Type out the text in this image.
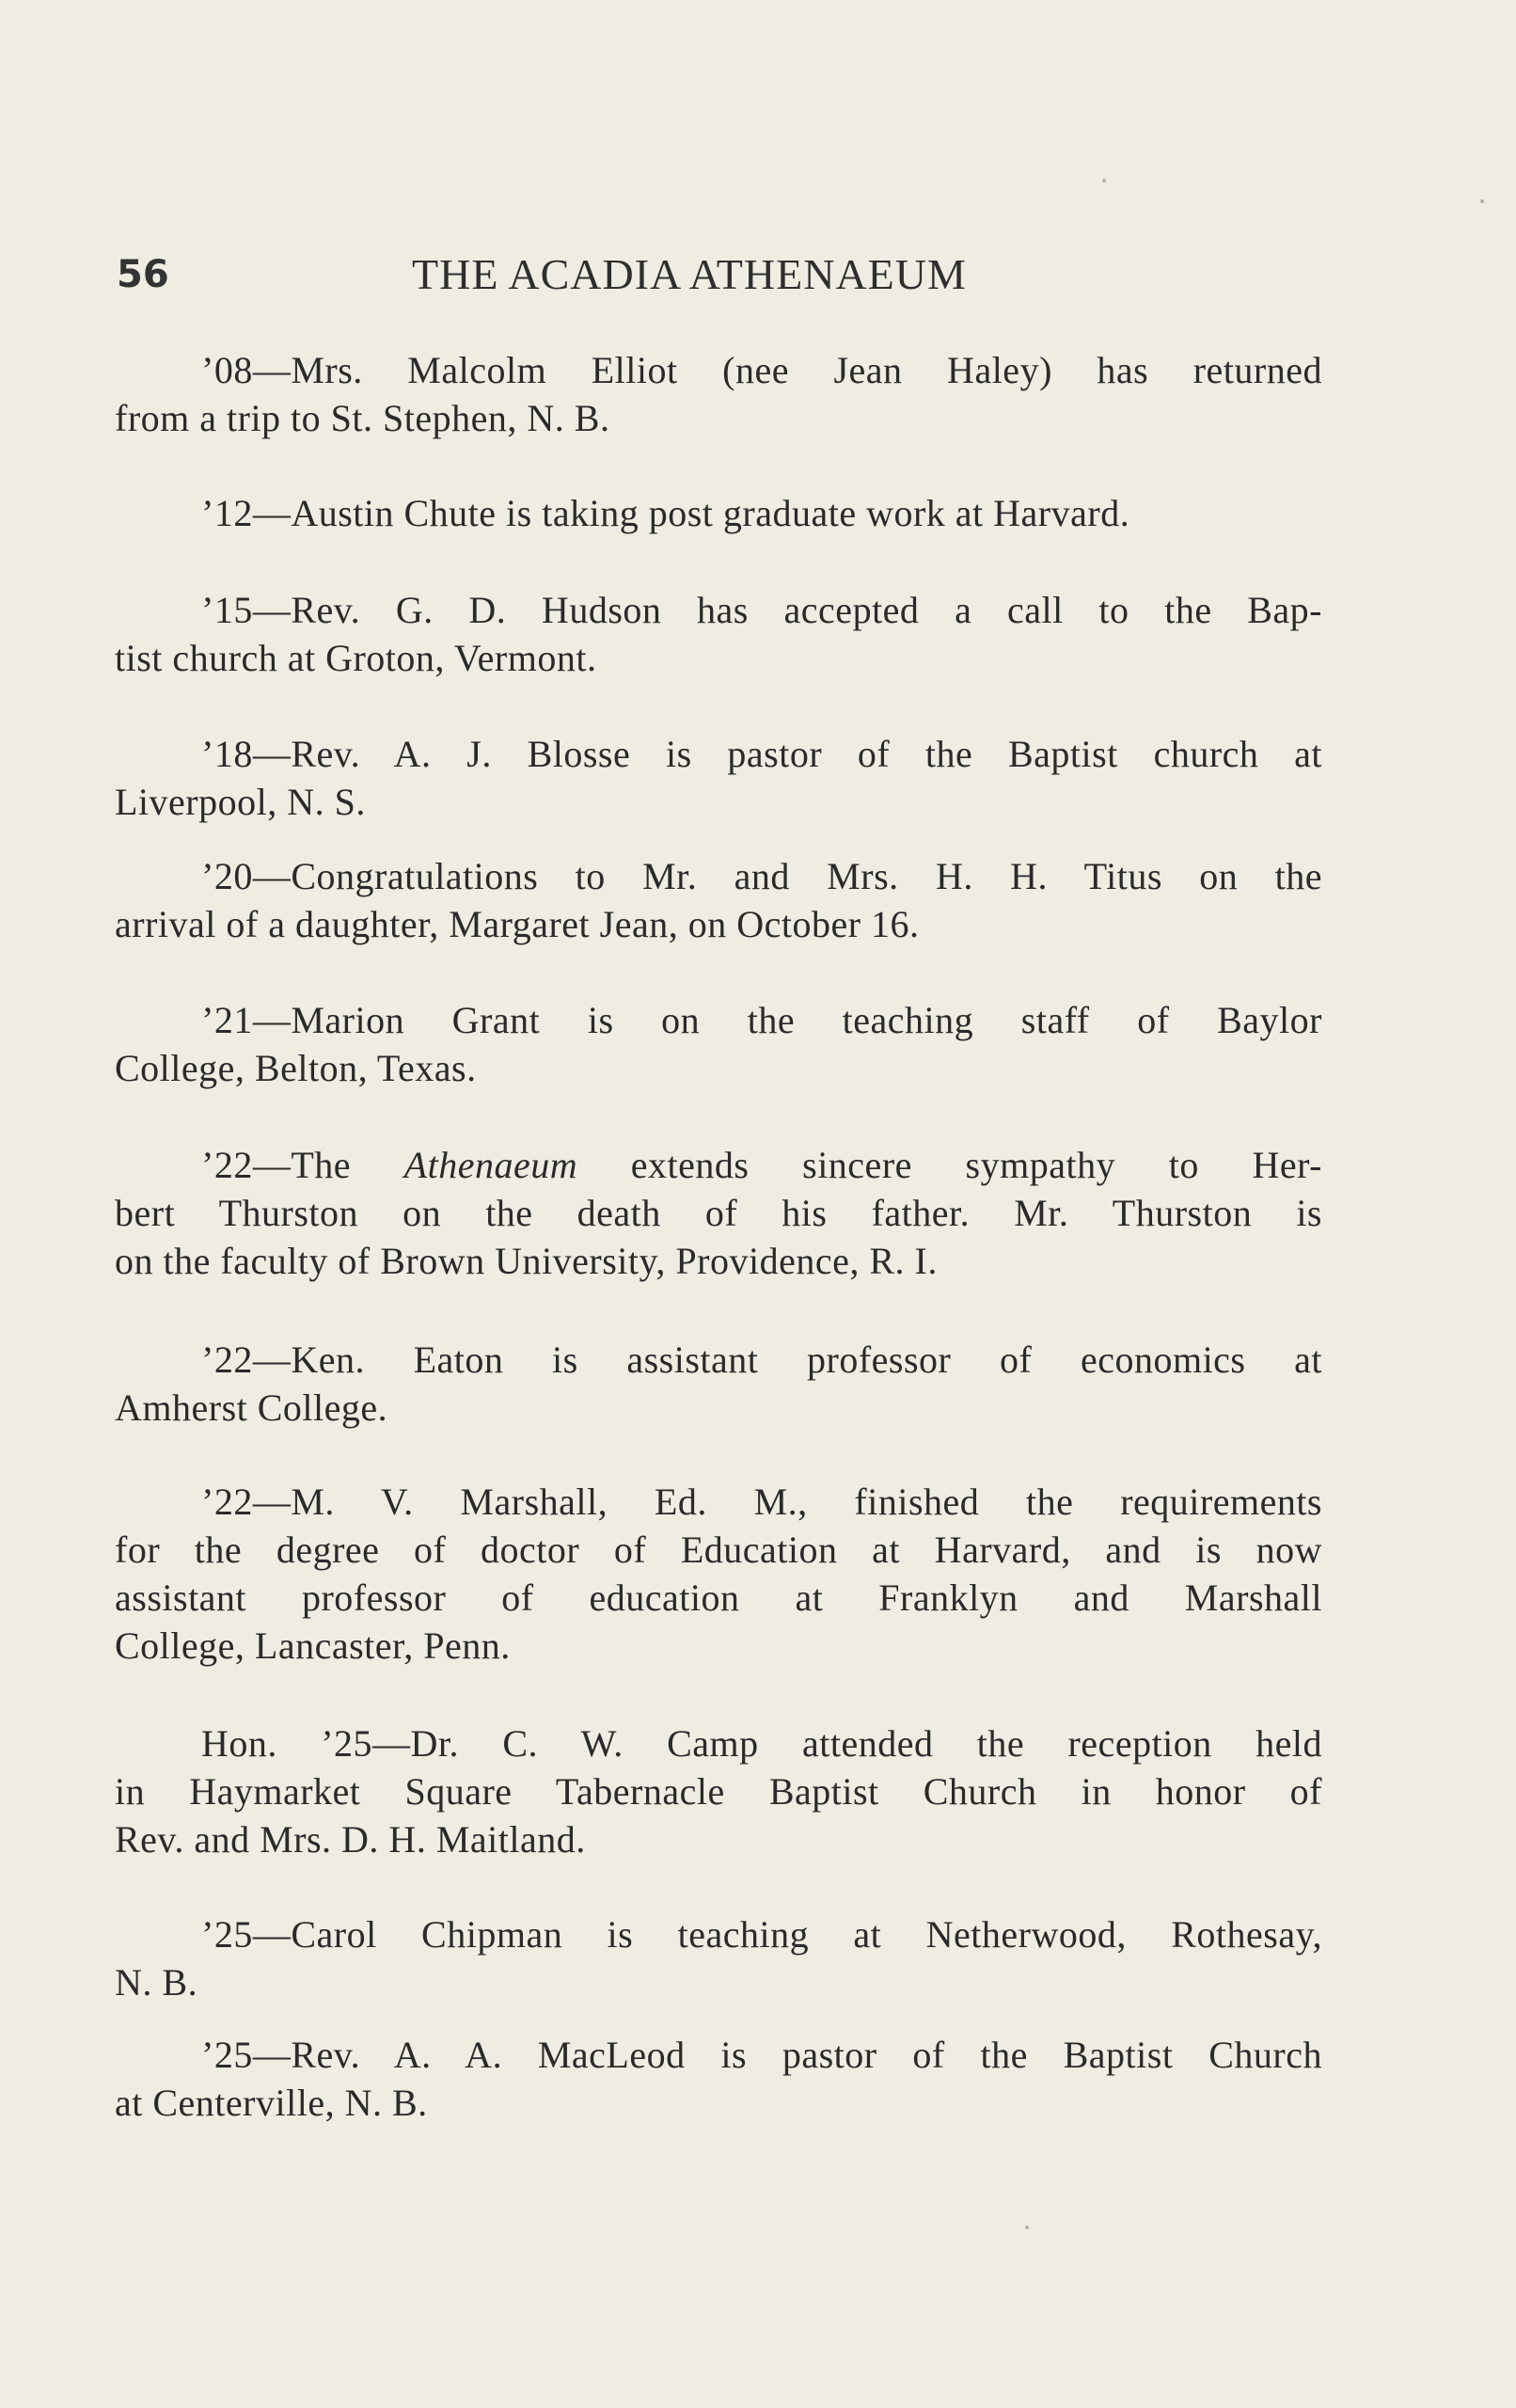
56	THE ACADIA ATHENAEUM

’08—Mrs. Malcolm Elliot (nee Jean Haley) has returned
from a trip to St. Stephen, N. B.

’12—Austin Chute is taking post graduate work at Harvard.

’15—Rev. G. D. Hudson has accepted a call to the Bap-
tist church at Groton, Vermont.

’18—Rev. A. J. Blosse is pastor of the Baptist church at
Liverpool, N. S.

’20—Congratulations to Mr. and Mrs. H. H. Titus on the
arrival of a daughter, Margaret Jean, on October 16.

’21—Marion Grant is on the teaching staff of Baylor
College, Belton, Texas.

’22—The Athenaeum extends sincere sympathy to Her-
bert Thurston on the death of his father. Mr. Thurston is
on the faculty of Brown University, Providence, R. I.

’22—Ken. Eaton is assistant professor of economics at
Amherst College.

’22—M. V. Marshall, Ed. M., finished the requirements
for the degree of doctor of Education at Harvard, and is now
assistant professor of education at Franklyn and Marshall
College, Lancaster, Penn.

Hon. ’25—Dr. C. W. Camp attended the reception held
in Haymarket Square Tabernacle Baptist Church in honor of
Rev. and Mrs. D. H. Maitland.

’25—Carol Chipman is teaching at Netherwood, Rothesay,
N. B.

’25—Rev. A. A. MacLeod is pastor of the Baptist Church
at Centerville, N. B.
